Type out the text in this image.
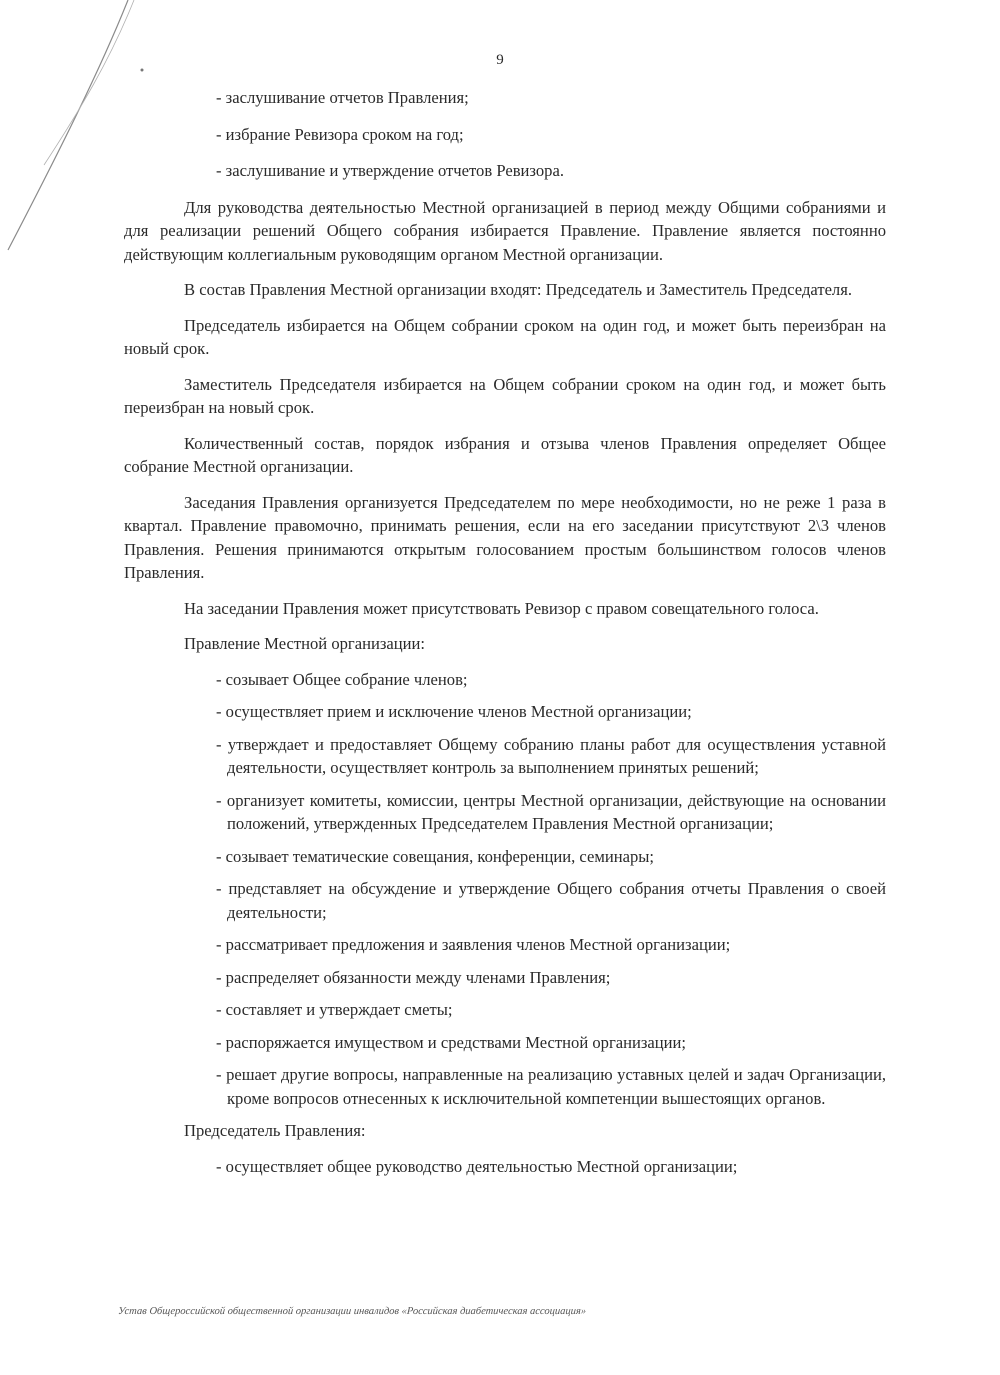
9
- заслушивание отчетов Правления;
- избрание Ревизора сроком на год;
- заслушивание и утверждение отчетов Ревизора.

Для руководства деятельностью Местной организацией в период между Общими собраниями и для реализации решений Общего собрания избирается Правление. Правление является постоянно действующим коллегиальным руководящим органом Местной организации.

В состав Правления Местной организации входят: Председатель и Заместитель Председателя.

Председатель избирается на Общем собрании сроком на один год, и может быть переизбран на новый срок.

Заместитель Председателя избирается на Общем собрании сроком на один год, и может быть переизбран на новый срок.

Количественный состав, порядок избрания и отзыва членов Правления определяет Общее собрание Местной организации.

Заседания Правления организуется Председателем по мере необходимости, но не реже 1 раза в квартал. Правление правомочно, принимать решения, если на его заседании присутствуют 2\3 членов Правления. Решения принимаются открытым голосованием простым большинством голосов членов Правления.

На заседании Правления может присутствовать Ревизор с правом совещательного голоса.

Правление Местной организации:

- созывает Общее собрание членов;
- осуществляет прием и исключение членов Местной организации;
- утверждает и предоставляет Общему собранию планы работ для осуществления уставной деятельности, осуществляет контроль за выполнением принятых решений;
- организует комитеты, комиссии, центры Местной организации, действующие на основании положений, утвержденных Председателем Правления Местной организации;
- созывает тематические совещания, конференции, семинары;
- представляет на обсуждение и утверждение Общего собрания отчеты Правления о своей деятельности;
- рассматривает предложения и заявления членов Местной организации;
- распределяет обязанности между членами Правления;
- составляет и утверждает сметы;
- распоряжается имуществом и средствами Местной организации;
- решает другие вопросы, направленные на реализацию уставных целей и задач Организации, кроме вопросов отнесенных к исключительной компетенции вышестоящих органов.

Председатель Правления:

- осуществляет общее руководство деятельностью Местной организации;
Устав Общероссийской общественной организации инвалидов «Российская диабетическая ассоциация»
